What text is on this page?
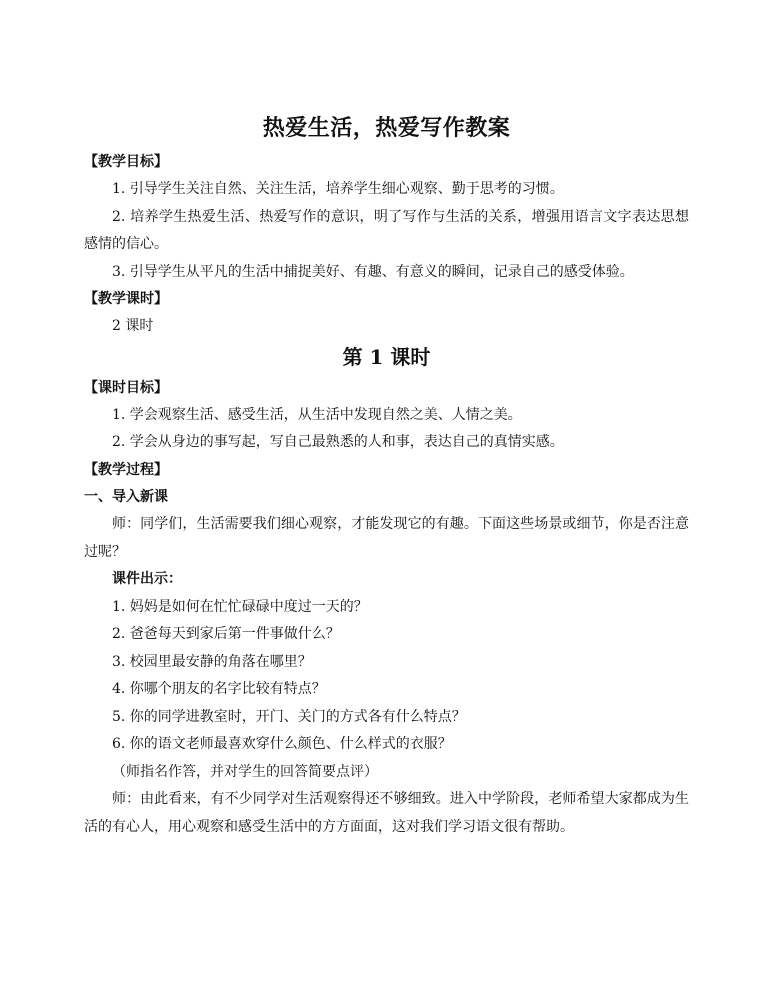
热爱生活，热爱写作教案

【教学目标】

1. 引导学生关注自然、关注生活，培养学生细心观察、勤于思考的习惯。

2. 培养学生热爱生活、热爱写作的意识，明了写作与生活的关系，增强用语言文字表达思想感情的信心。

3. 引导学生从平凡的生活中捕捉美好、有趣、有意义的瞬间，记录自己的感受体验。

【教学课时】

2 课时

第 1 课时

【课时目标】

1. 学会观察生活、感受生活，从生活中发现自然之美、人情之美。

2. 学会从身边的事写起，写自己最熟悉的人和事，表达自己的真情实感。

【教学过程】

一、导入新课

师：同学们，生活需要我们细心观察，才能发现它的有趣。下面这些场景或细节，你是否注意过呢？

课件出示：

1. 妈妈是如何在忙忙碌碌中度过一天的？

2. 爸爸每天到家后第一件事做什么？

3. 校园里最安静的角落在哪里？

4. 你哪个朋友的名字比较有特点？

5. 你的同学进教室时，开门、关门的方式各有什么特点？

6. 你的语文老师最喜欢穿什么颜色、什么样式的衣服？

（师指名作答，并对学生的回答简要点评）

师：由此看来，有不少同学对生活观察得还不够细致。进入中学阶段，老师希望大家都成为生活的有心人，用心观察和感受生活中的方方面面，这对我们学习语文很有帮助。
